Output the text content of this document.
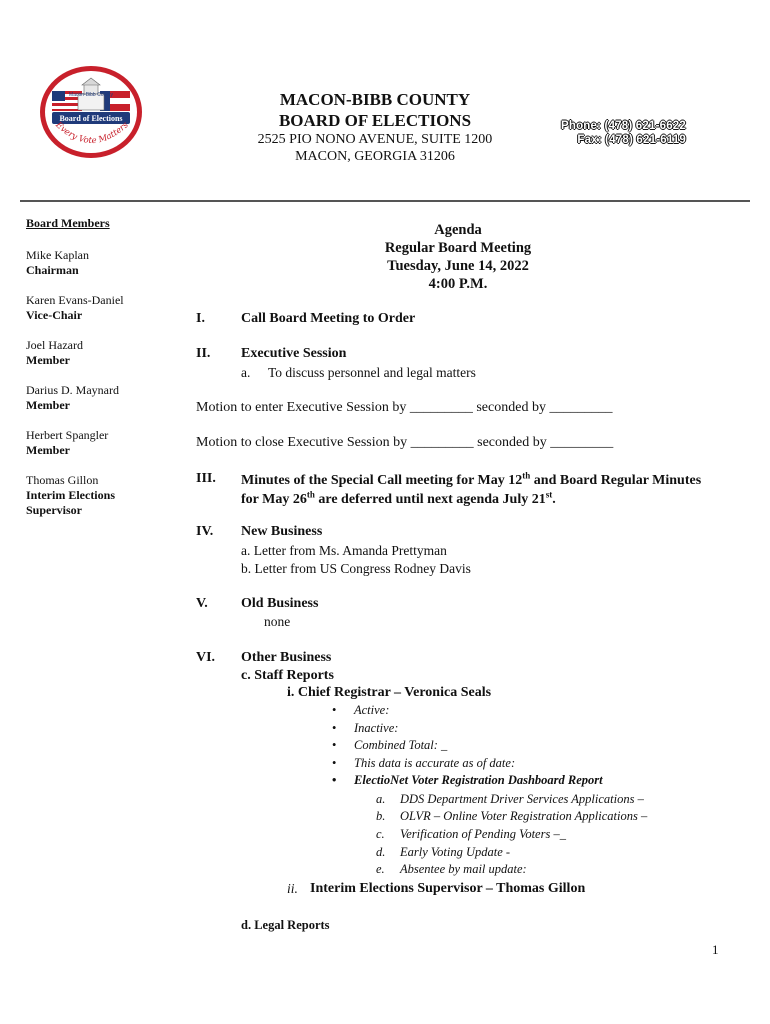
Macon-Bibb County
Board of Elections
Every Vote Matters
MACON-BIBB COUNTY
BOARD OF ELECTIONS
2525 PIO NONO AVENUE, SUITE 1200
MACON, GEORGIA 31206
Phone: (478) 621-6622
Fax: (478) 621-6119
Board Members
Mike Kaplan
Chairman
Karen Evans-Daniel
Vice-Chair
Joel Hazard
Member
Darius D. Maynard
Member
Herbert Spangler
Member
Thomas Gillon
Interim Elections
Supervisor
Agenda
Regular Board Meeting
Tuesday, June 14, 2022
4:00 P.M.
I.	Call Board Meeting to Order
II. Executive Session
a. To discuss personnel and legal matters
Motion to enter Executive Session by _________ seconded by _________
Motion to close Executive Session by _________ seconded by _________
III. Minutes of the Special Call meeting for May 12th and Board Regular Minutes
for May 26th are deferred until next agenda July 21st.
IV. New Business
a. Letter from Ms. Amanda Prettyman
b. Letter from US Congress Rodney Davis
V. Old Business
none
VI. Other Business
c. Staff Reports
i. Chief Registrar – Veronica Seals
• Active:
• Inactive:
• Combined Total: _
• This data is accurate as of date:
• ElectioNet Voter Registration Dashboard Report
a. DDS Department Driver Services Applications –
b. OLVR – Online Voter Registration Applications –
c. Verification of Pending Voters –_
d. Early Voting Update -
e. Absentee by mail update:
ii. Interim Elections Supervisor – Thomas Gillon
d. Legal Reports
1
